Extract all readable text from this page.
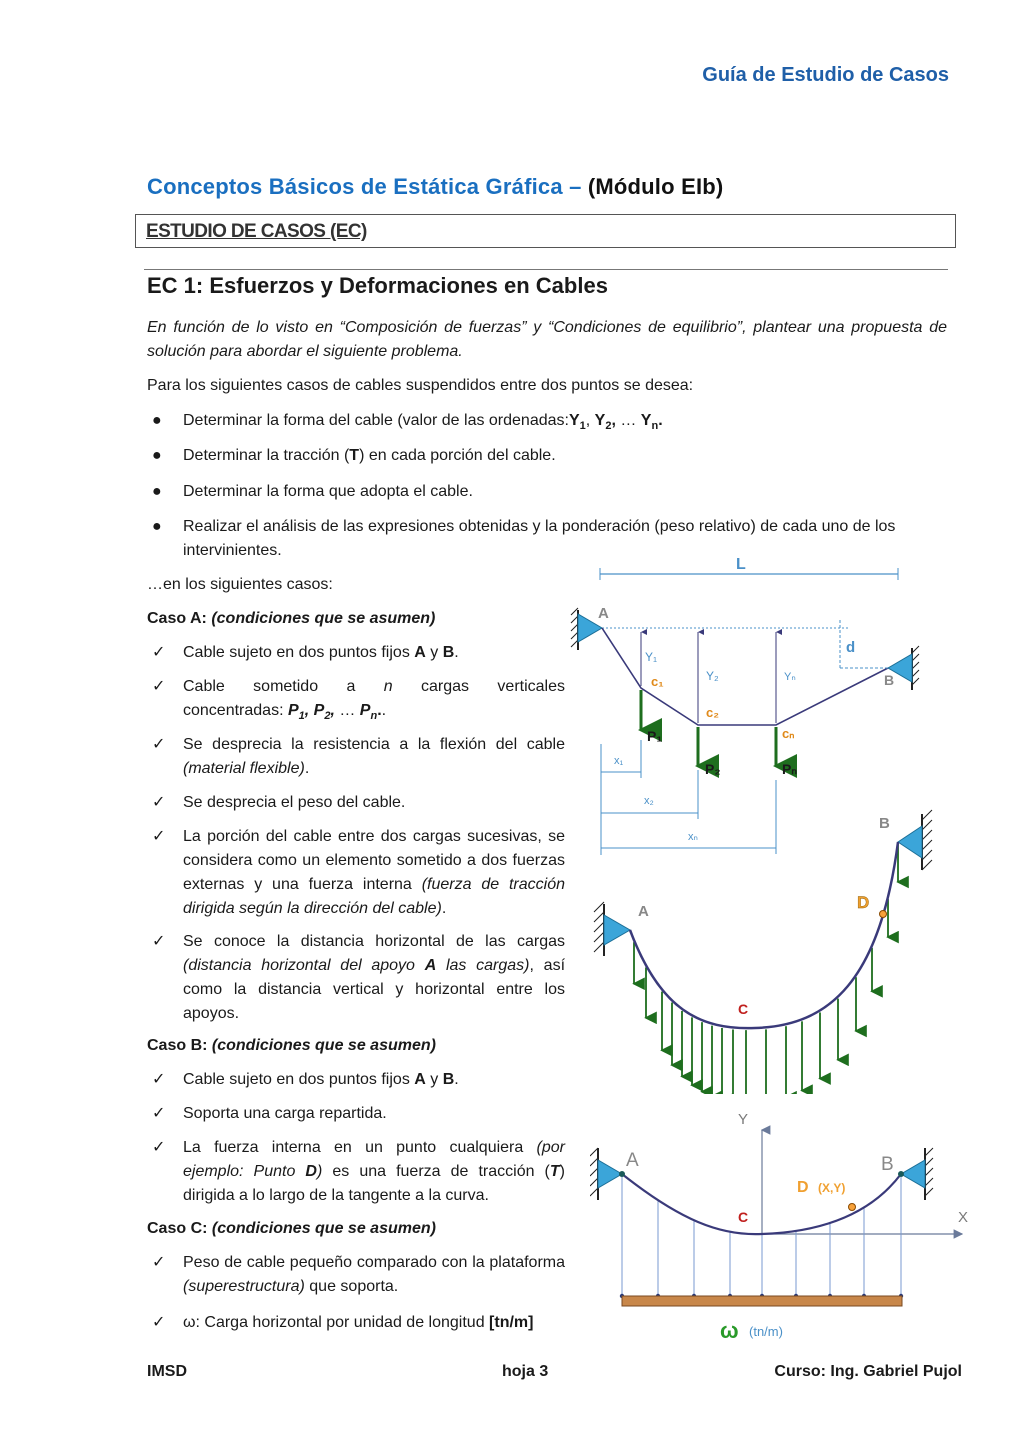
Guía de Estudio de Casos
Conceptos Básicos de Estática Gráfica – (Módulo EIb)
ESTUDIO DE CASOS (EC)
EC 1: Esfuerzos y Deformaciones en Cables
En función de lo visto en “Composición de fuerzas” y “Condiciones de equilibrio”, plantear una propuesta de solución para abordar el siguiente problema.
Para los siguientes casos de cables suspendidos entre dos puntos se desea:
● Determinar la forma del cable (valor de las $ordenadas:Y_1$, $Y_2$, … $Y_n$.
● Determinar la tracción (T) en cada porción del cable.
● Determinar la forma que adopta el cable.
● Realizar el análisis de las expresiones obtenidas y la ponderación (peso relativo) de cada uno de los intervinientes.
…en los siguientes casos:
Caso A: (condiciones que se asumen)
✓ Cable sujeto en dos puntos fijos A y B.
✓ Cable sometido a n cargas verticales
concentradas: $P_1$, $P_2$, … $P_n$..
✓ Se desprecia la resistencia a la flexión del cable (material flexible).
✓ Se desprecia el peso del cable.
✓ La porción del cable entre dos cargas sucesivas, se considera como un elemento sometido a dos fuerzas externas y una fuerza interna (fuerza de tracción dirigida según la dirección del cable).
✓ Se conoce la distancia horizontal de las cargas (distancia horizontal del apoyo A las cargas), así como la distancia vertical y horizontal entre los apoyos.
Caso B: (condiciones que se asumen)
✓ Cable sujeto en dos puntos fijos A y B.
✓ Soporta una carga repartida.
✓ La fuerza interna en un punto cualquiera (por ejemplo: Punto D) es una fuerza de tracción (T) dirigida a lo largo de la tangente a la curva.
Caso C: (condiciones que se asumen)
✓ Peso de cable pequeño comparado con la plataforma (superestructura) que soporta.
✓ ω: Carga horizontal por unidad de longitud [tn/m]
L
A
B
d
Y₁
Y₂	Yₙ
c₁
c₂
cₙ
P₁
P₂	Pₙ
x₁
x₂
xₙ
B
A	D
C
Y
X
A	B
D (X,Y)
C
ω (tn/m)
IMSD	hoja 3	Curso: Ing. Gabriel Pujol
